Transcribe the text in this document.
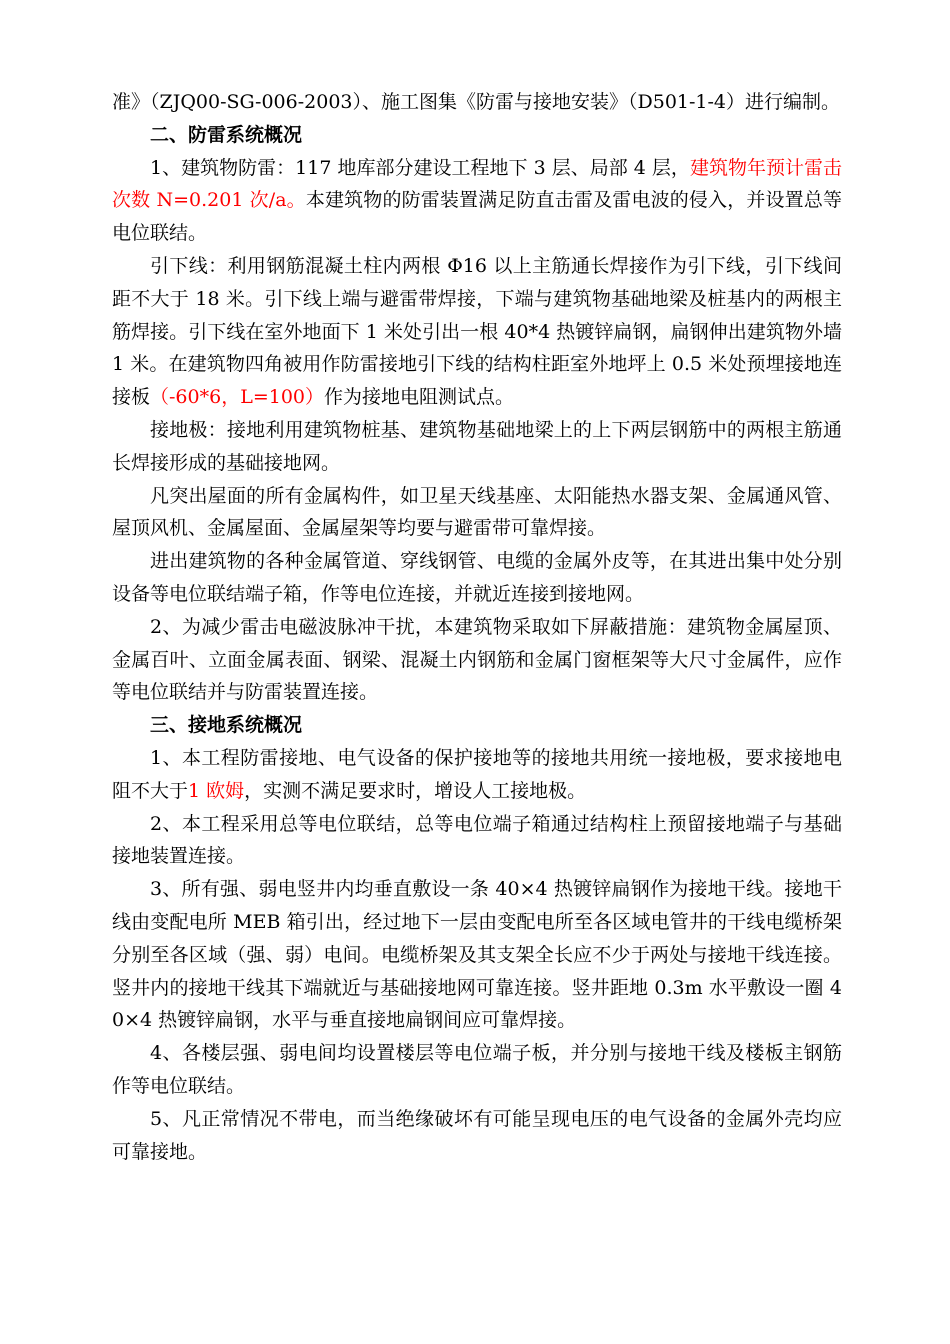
准》（ZJQ00-SG-006-2003）、施工图集《防雷与接地安装》（D501-1-4）进行编制。

二、防雷系统概况

1、建筑物防雷：117 地库部分建设工程地下 3 层、局部 4 层，建筑物年预计雷击次数 N=0.201 次/a。本建筑物的防雷装置满足防直击雷及雷电波的侵入，并设置总等电位联结。

引下线：利用钢筋混凝土柱内两根 Φ16 以上主筋通长焊接作为引下线，引下线间距不大于 18 米。引下线上端与避雷带焊接，下端与建筑物基础地梁及桩基内的两根主筋焊接。引下线在室外地面下 1 米处引出一根 40*4 热镀锌扁钢，扁钢伸出建筑物外墙 1 米。在建筑物四角被用作防雷接地引下线的结构柱距室外地坪上 0.5 米处预埋接地连接板（-60*6，L=100）作为接地电阻测试点。

接地极：接地利用建筑物桩基、建筑物基础地梁上的上下两层钢筋中的两根主筋通长焊接形成的基础接地网。

凡突出屋面的所有金属构件，如卫星天线基座、太阳能热水器支架、金属通风管、屋顶风机、金属屋面、金属屋架等均要与避雷带可靠焊接。

进出建筑物的各种金属管道、穿线钢管、电缆的金属外皮等，在其进出集中处分别设备等电位联结端子箱，作等电位连接，并就近连接到接地网。

2、为减少雷击电磁波脉冲干扰，本建筑物采取如下屏蔽措施：建筑物金属屋顶、金属百叶、立面金属表面、钢梁、混凝土内钢筋和金属门窗框架等大尺寸金属件，应作等电位联结并与防雷装置连接。

三、接地系统概况

1、本工程防雷接地、电气设备的保护接地等的接地共用统一接地极，要求接地电阻不大于1 欧姆，实测不满足要求时，增设人工接地极。

2、本工程采用总等电位联结，总等电位端子箱通过结构柱上预留接地端子与基础接地装置连接。

3、所有强、弱电竖井内均垂直敷设一条 40×4 热镀锌扁钢作为接地干线。接地干线由变配电所 MEB 箱引出，经过地下一层由变配电所至各区域电管井的干线电缆桥架分别至各区域（强、弱）电间。电缆桥架及其支架全长应不少于两处与接地干线连接。竖井内的接地干线其下端就近与基础接地网可靠连接。竖井距地 0.3m 水平敷设一圈 40×4 热镀锌扁钢，水平与垂直接地扁钢间应可靠焊接。

4、各楼层强、弱电间均设置楼层等电位端子板，并分别与接地干线及楼板主钢筋作等电位联结。

5、凡正常情况不带电，而当绝缘破坏有可能呈现电压的电气设备的金属外壳均应可靠接地。
